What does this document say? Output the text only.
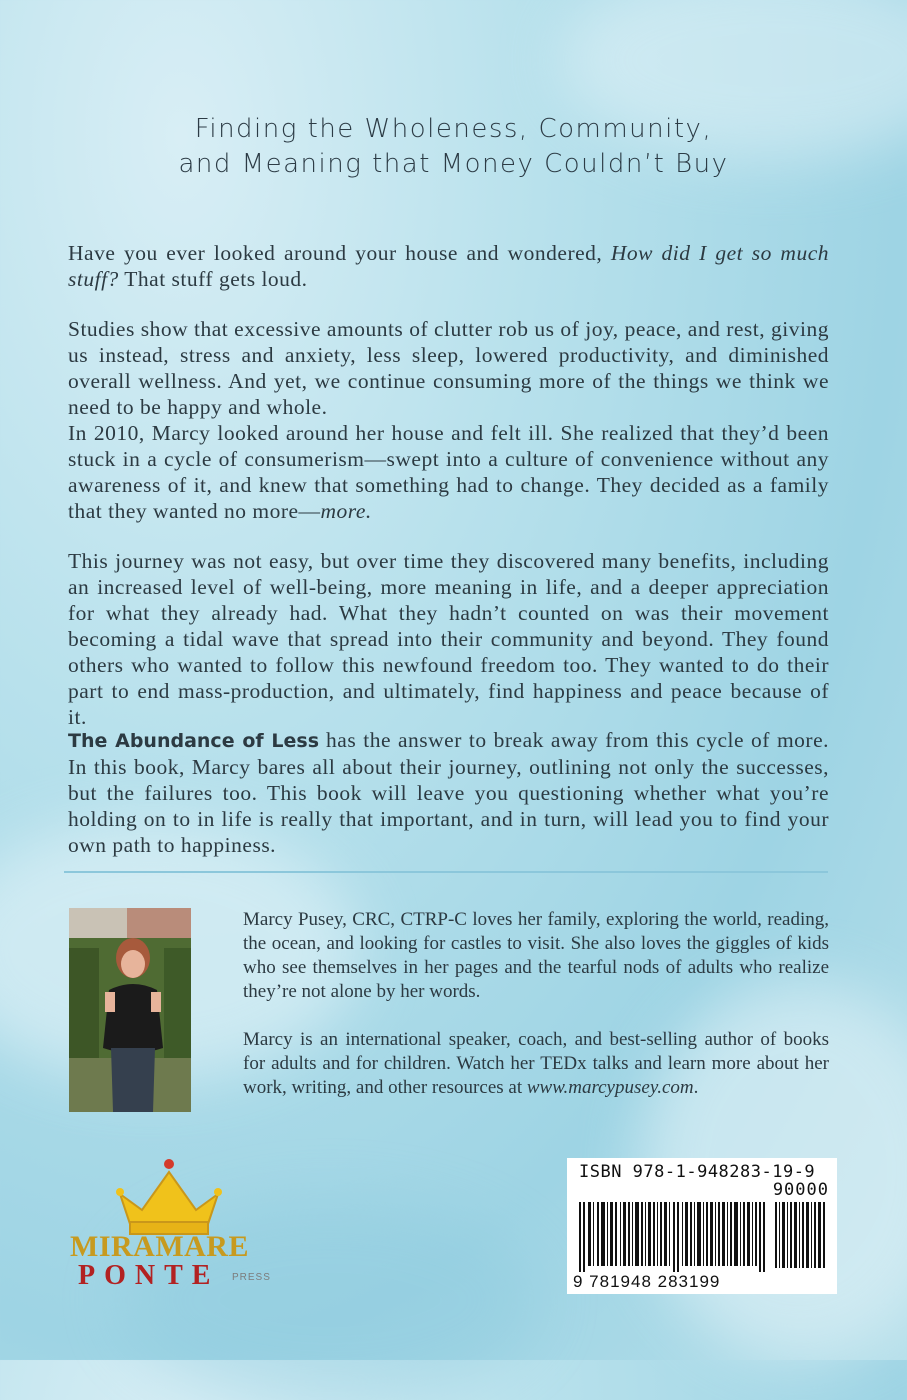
Finding the Wholeness, Community,
and Meaning that Money Couldn’t Buy

Have you ever looked around your house and wondered, How did I get so much stuff? That stuff gets loud.

Studies show that excessive amounts of clutter rob us of joy, peace, and rest, giving us instead, stress and anxiety, less sleep, lowered productivity, and diminished overall wellness. And yet, we continue consuming more of the things we think we need to be happy and whole.

In 2010, Marcy looked around her house and felt ill. She realized that they’d been stuck in a cycle of consumerism—swept into a culture of convenience without any awareness of it, and knew that something had to change. They decided as a family that they wanted no more—more.

This journey was not easy, but over time they discovered many benefits, including an increased level of well-being, more meaning in life, and a deeper appreciation for what they already had. What they hadn’t counted on was their movement becoming a tidal wave that spread into their community and beyond. They found others who wanted to follow this newfound freedom too. They wanted to do their part to end mass-production, and ultimately, find happiness and peace because of it.

The Abundance of Less has the answer to break away from this cycle of more. In this book, Marcy bares all about their journey, outlining not only the successes, but the failures too. This book will leave you questioning whether what you’re holding on to in life is really that important, and in turn, will lead you to find your own path to happiness.

Marcy Pusey, CRC, CTRP-C loves her family, exploring the world, reading, the ocean, and looking for castles to visit. She also loves the giggles of kids who see themselves in her pages and the tearful nods of adults who realize they’re not alone by her words.

Marcy is an international speaker, coach, and best-selling author of books for adults and for children. Watch her TEDx talks and learn more about her work, writing, and other resources at www.marcypusey.com.

MIRAMARE
PONTE PRESS
ISBN 978-1-948283-19-9
90000
9 781948 283199
